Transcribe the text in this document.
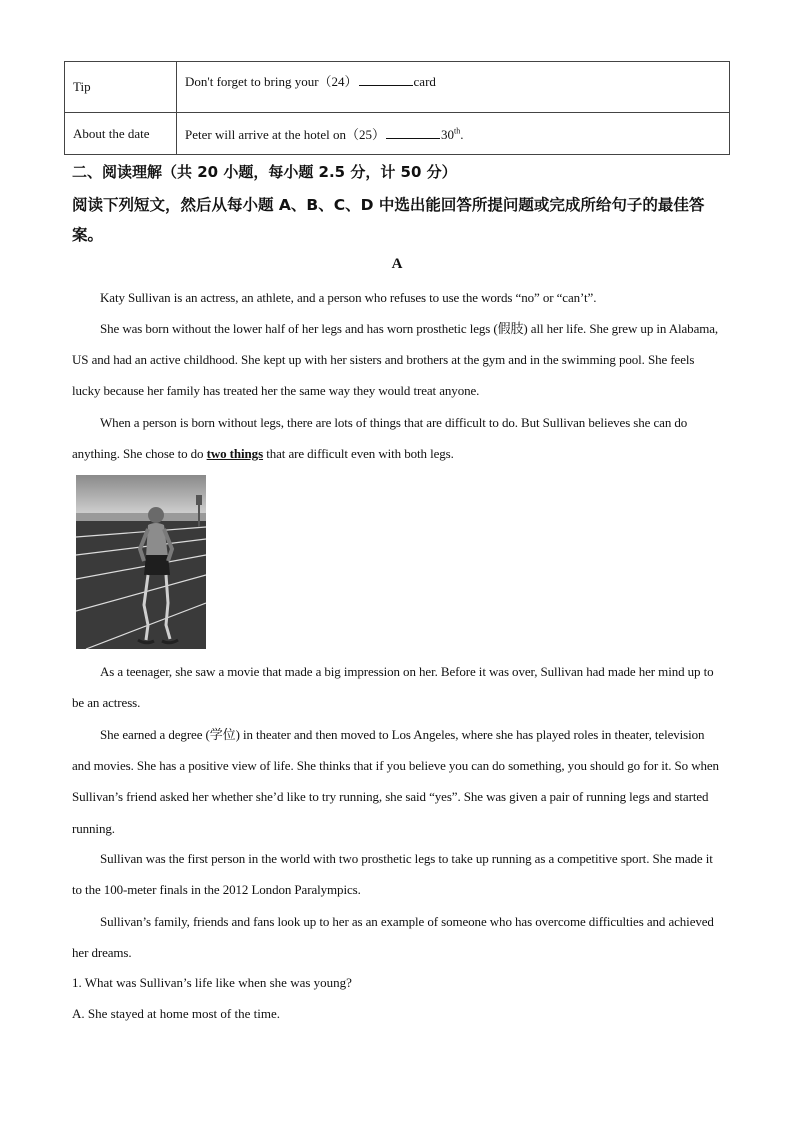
Tip	Don't forget to bring your（24） card
About the date	Peter will arrive at the hotel on（25） 30th.
二、阅读理解（共 20 小题，每小题 2.5 分，计 50 分）
阅读下列短文，然后从每小题 A、B、C、D 中选出能回答所提问题或完成所给句子的最佳答案。
A

Katy Sullivan is an actress, an athlete, and a person who refuses to use the words “no” or “can’t”.

She was born without the lower half of her legs and has worn prosthetic legs (假肢) all her life. She grew up in Alabama, US and had an active childhood. She kept up with her sisters and brothers at the gym and in the swimming pool. She feels lucky because her family has treated her the same way they would treat anyone.

When a person is born without legs, there are lots of things that are difficult to do. But Sullivan believes she can do anything. She chose to do two things that are difficult even with both legs.

As a teenager, she saw a movie that made a big impression on her. Before it was over, Sullivan had made her mind up to be an actress.

She earned a degree (学位) in theater and then moved to Los Angeles, where she has played roles in theater, television and movies. She has a positive view of life. She thinks that if you believe you can do something, you should go for it. So when Sullivan’s friend asked her whether she’d like to try running, she said “yes”. She was given a pair of running legs and started running.

Sullivan was the first person in the world with two prosthetic legs to take up running as a competitive sport. She made it to the 100-meter finals in the 2012 London Paralympics.

Sullivan’s family, friends and fans look up to her as an example of someone who has overcome difficulties and achieved her dreams.

1. What was Sullivan’s life like when she was young?

A. She stayed at home most of the time.
